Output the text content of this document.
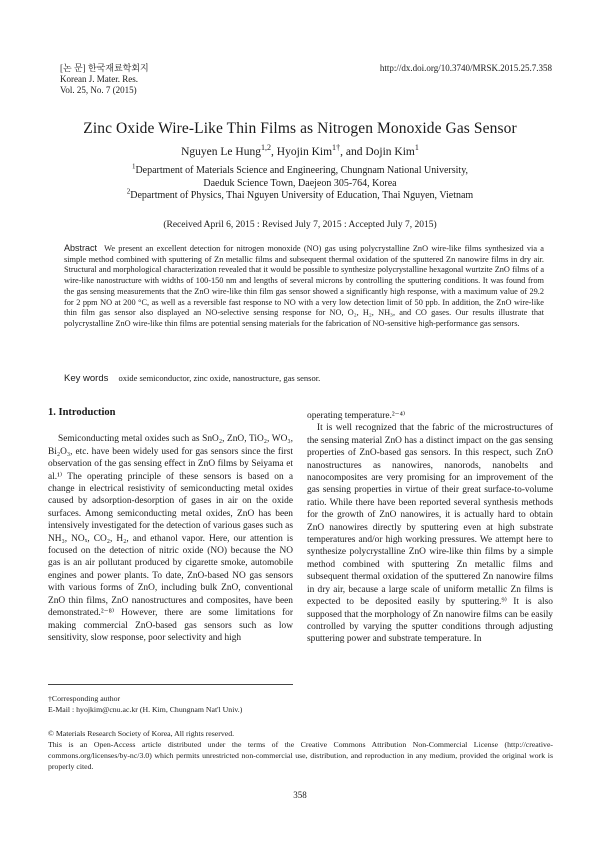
[논 문] 한국재료학회지
Korean J. Mater. Res.
Vol. 25, No. 7 (2015)
http://dx.doi.org/10.3740/MRSK.2015.25.7.358
Zinc Oxide Wire-Like Thin Films as Nitrogen Monoxide Gas Sensor
Nguyen Le Hung$^{1,2}$, Hyojin Kim$^{1\dagger}$, and Dojin Kim$^1$
$^1$Department of Materials Science and Engineering, Chungnam National University,
Daeduk Science Town, Daejeon 305-764, Korea
$^2$Department of Physics, Thai Nguyen University of Education, Thai Nguyen, Vietnam
(Received April 6, 2015 : Revised July 7, 2015 : Accepted July 7, 2015)
Abstract We present an excellent detection for nitrogen monoxide (NO) gas using polycrystalline ZnO wire-like films synthesized via a simple method combined with sputtering of Zn metallic films and subsequent thermal oxidation of the sputtered Zn nanowire films in dry air. Structural and morphological characterization revealed that it would be possible to synthesize polycrystalline hexagonal wurtzite ZnO films of a wire-like nanostructure with widths of 100-150 nm and lengths of several microns by controlling the sputtering conditions. It was found from the gas sensing measurements that the ZnO wire-like thin film gas sensor showed a significantly high response, with a maximum value of 29.2 for 2 ppm NO at 200 °C, as well as a reversible fast response to NO with a very low detection limit of 50 ppb. In addition, the ZnO wire-like thin film gas sensor also displayed an NO-selective sensing response for NO, O₂, H₂, NH₃, and CO gases. Our results illustrate that polycrystalline ZnO wire-like thin films are potential sensing materials for the fabrication of NO-sensitive high-performance gas sensors.
Key words oxide semiconductor, zinc oxide, nanostructure, gas sensor.
1. Introduction

Semiconducting metal oxides such as SnO₂, ZnO, TiO₂, WO₃, Bi₂O₃, etc. have been widely used for gas sensors since the first observation of the gas sensing effect in ZnO films by Seiyama et al.¹⁾ The operating principle of these sensors is based on a change in electrical resistivity of semiconducting metal oxides caused by adsorption-desorption of gases in air on the oxide surfaces. Among semiconducting metal oxides, ZnO has been intensively investigated for the detection of various gases such as NH₃, NOₓ, CO₂, H₂, and ethanol vapor. Here, our attention is focused on the detection of nitric oxide (NO) because the NO gas is an air pollutant produced by cigarette smoke, automobile engines and power plants. To date, ZnO-based NO gas sensors with various forms of ZnO, including bulk ZnO, conventional ZnO thin films, ZnO nanostructures and composites, have been demonstrated.²⁻⁸⁾ However, there are some limitations for making commercial ZnO-based gas sensors such as low sensitivity, slow response, poor selectivity and high

operating temperature.²⁻⁴⁾

It is well recognized that the fabric of the microstructures of the sensing material ZnO has a distinct impact on the gas sensing properties of ZnO-based gas sensors. In this respect, such ZnO nanostructures as nanowires, nanorods, nanobelts and nanocomposites are very promising for an improvement of the gas sensing properties in virtue of their great surface-to-volume ratio. While there have been reported several synthesis methods for the growth of ZnO nanowires, it is actually hard to obtain ZnO nanowires directly by sputtering even at high substrate temperatures and/or high working pressures. We attempt here to synthesize polycrystalline ZnO wire-like thin films by a simple method combined with sputtering Zn metallic films and subsequent thermal oxidation of the sputtered Zn nanowire films in dry air, because a large scale of uniform metallic Zn films is expected to be deposited easily by sputtering.⁹⁾ It is also supposed that the morphology of Zn nanowire films can be easily controlled by varying the sputter conditions through adjusting sputtering power and substrate temperature. In

†Corresponding author
E-Mail : hyojkim@cnu.ac.kr (H. Kim, Chungnam Nat'l Univ.)
© Materials Research Society of Korea, All rights reserved.
This is an Open-Access article distributed under the terms of the Creative Commons Attribution Non-Commercial License (http://creative-commons.org/licenses/by-nc/3.0) which permits unrestricted non-commercial use, distribution, and reproduction in any medium, provided the original work is properly cited.
358
